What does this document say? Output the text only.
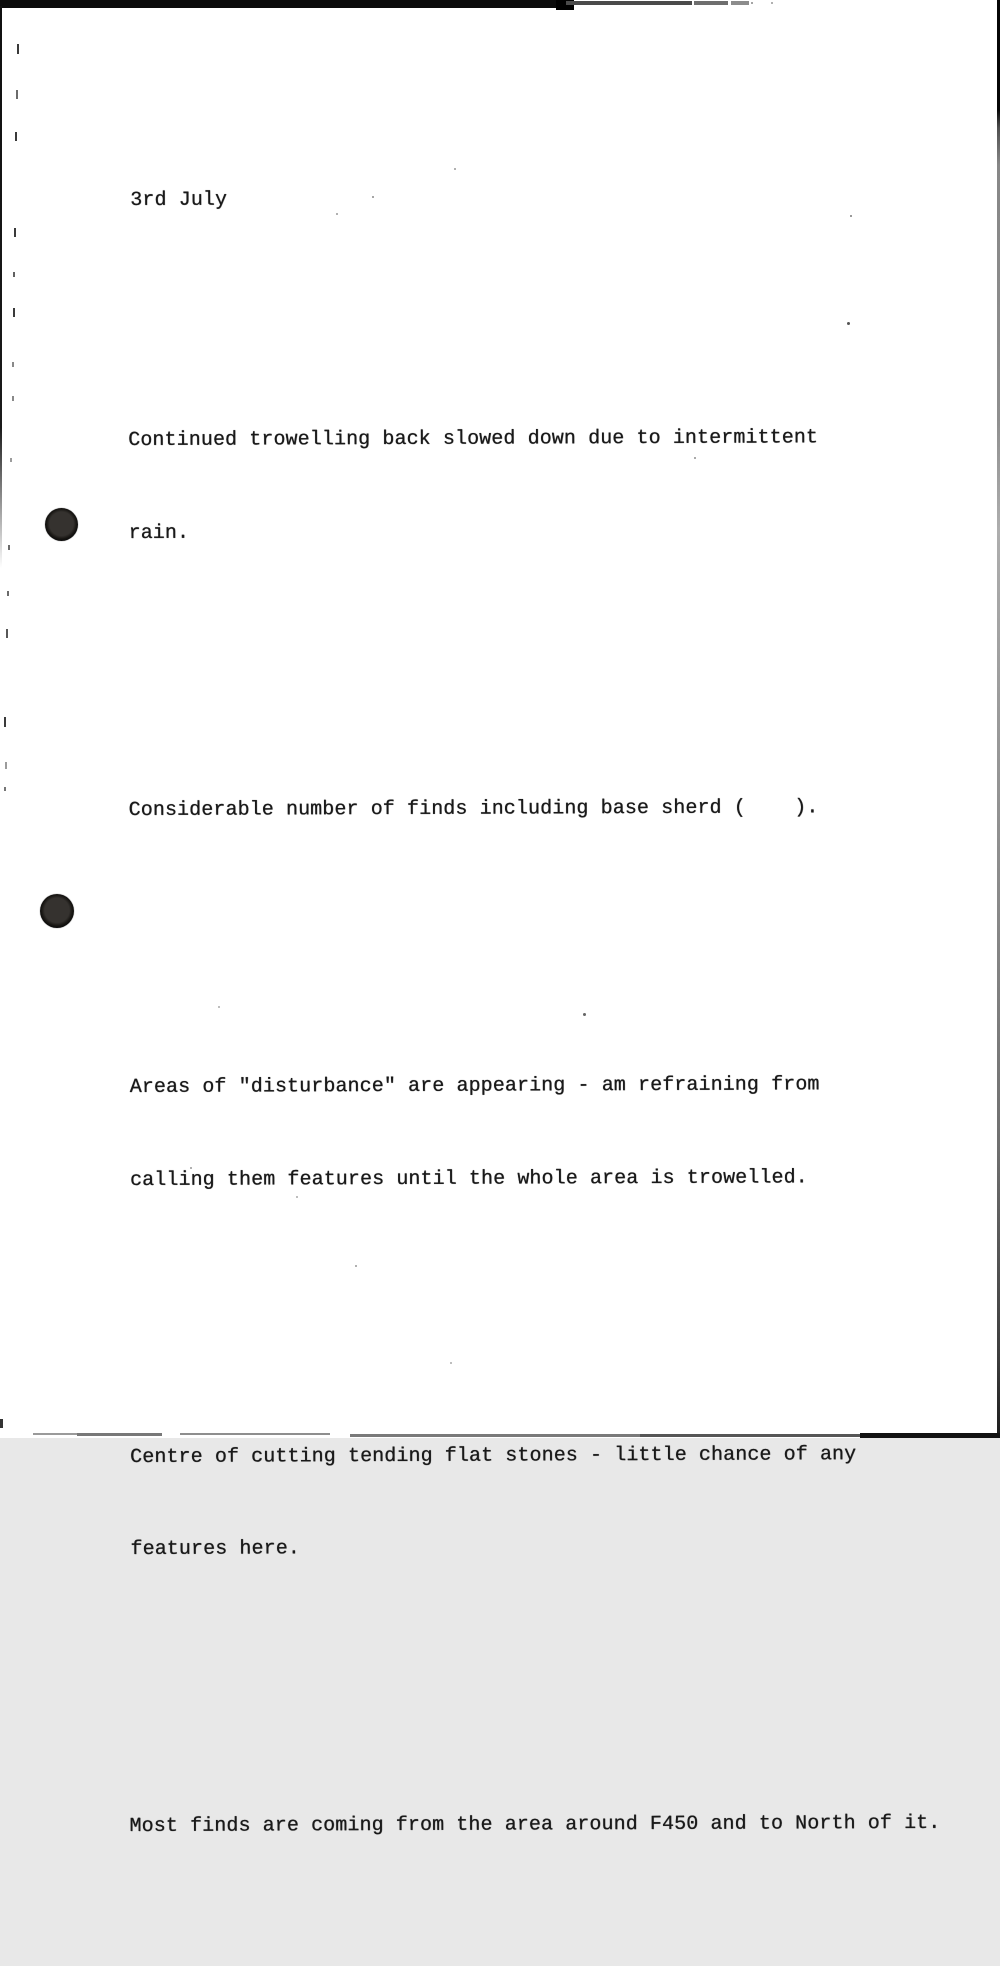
3rd July

Continued trowelling back slowed down due to intermittent

rain.

Considerable number of finds including base sherd (    ).

Areas of "disturbance" are appearing - am refraining from

calling them features until the whole area is trowelled.

Centre of cutting tending flat stones - little chance of any

features here.

Most finds are coming from the area around F450 and to North of it.
